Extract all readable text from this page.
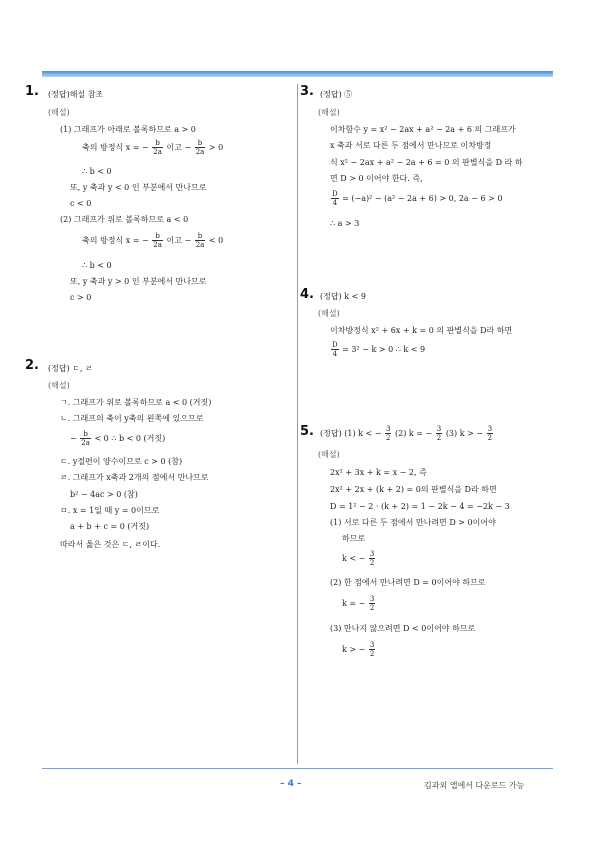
1. (정답)해설 참조
(해설)
(1) 그래프가 아래로 볼록하므로 a > 0
축의 방정식 x = − $\frac{b}{2a}$ 이고 − $\frac{b}{2a} > 0$
∴ b < 0
또, y 축과 y < 0 인 부분에서 만나므로
c < 0
(2) 그래프가 위로 볼록하므로 a < 0
축의 방정식 x = − $\frac{b}{2a}$ 이고 − $\frac{b}{2a} < 0$
∴ b < 0
또, y 축과 y > 0 인 부분에서 만나므로
c > 0
2. (정답) ㄷ, ㄹ
(해설)
ㄱ. 그래프가 위로 볼록하므로 a < 0 (거짓)
ㄴ. 그래프의 축이 y축의 왼쪽에 있으므로
− $\frac{b}{2a} < 0$ ∴ b < 0 (거짓)
ㄷ. y절편이 양수이므로 c > 0 (참)
ㄹ. 그래프가 x축과 2개의 점에서 만나므로
b² − 4ac > 0 (참)
ㅁ. x = 1일 때 y = 0이므로
a + b + c = 0 (거짓)
따라서 옳은 것은 ㄷ, ㄹ이다.
3. (정답) ⑤
(해설)
이차함수 y = x² − 2ax + a² − 2a + 6 의 그래프가
x 축과 서로 다른 두 점에서 만나므로 이차방정
식 x² − 2ax + a² − 2a + 6 = 0 의 판별식을 D 라 하
면 D > 0 이어야 한다. 즉,
$\frac{D}{4} = (-a)^2 - (a^2 - 2a + 6) > 0$, 2a − 6 > 0
∴ a > 3
4. (정답) k < 9
(해설)
이차방정식 x² + 6x + k = 0 의 판별식을 D라 하면
$\frac{D}{4} = 3^2 - k > 0$ ∴ k < 9
5. (정답) (1) k < − $\frac{3}{2} (2) k$ = − $\frac{3}{2} (3) k$ > − $\frac{3}{2}$
(해설)
2x² + 3x + k = x − 2, 즉
2x² + 2x + (k + 2) = 0의 판별식을 D라 하면
D = 1² − 2 · (k + 2) = 1 − 2k − 4 = −2k − 3
(1) 서로 다른 두 점에서 만나려면 D > 0이어야
하므로
k < − $\frac{3}{2}$
(2) 한 점에서 만나려면 D = 0이어야 하므로
k = − $\frac{3}{2}$
(3) 만나지 않으려면 D < 0이어야 하므로
k > − $\frac{3}{2}$
– 4 –	김과외 앱에서 다운로드 가능
